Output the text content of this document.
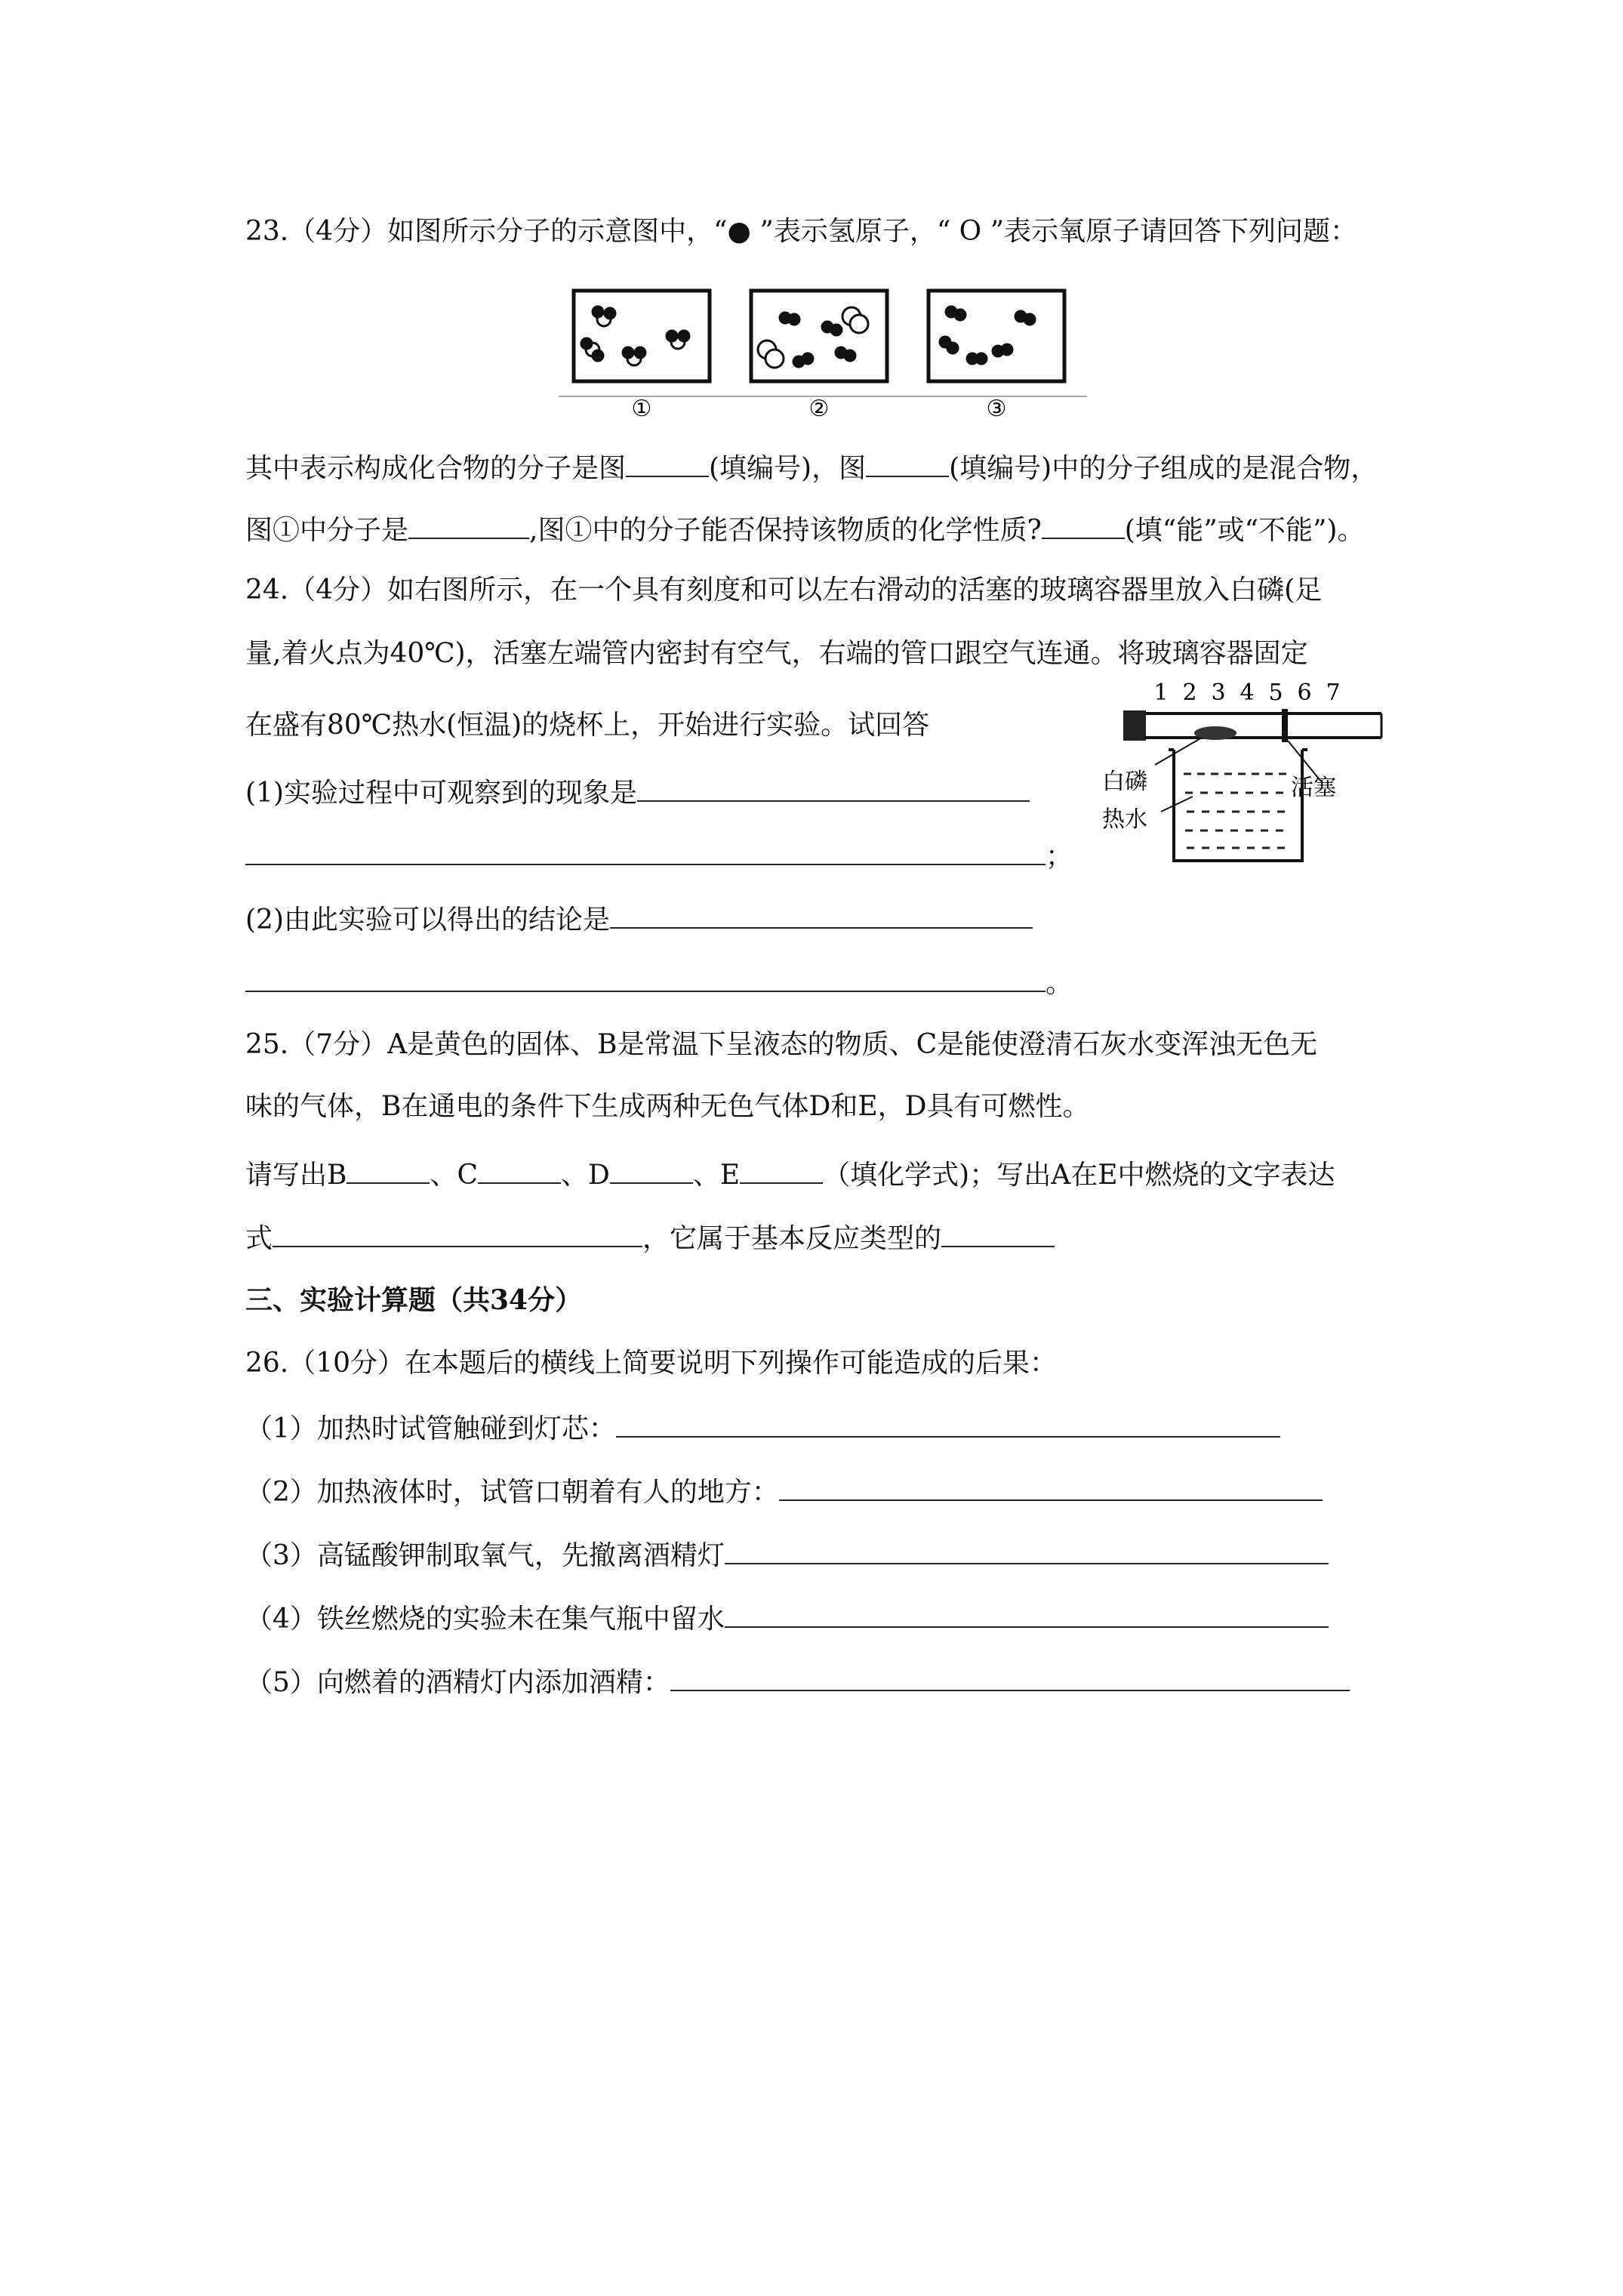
23.（4分）如图所示分子的示意图中，“● ”表示氢原子，“ O ”表示氧原子请回答下列问题：
①	②	③
其中表示构成化合物的分子是图	(填编号)，图	(填编号)中的分子组成的是混合物，
图①中分子是	,图①中的分子能否保持该物质的化学性质?	(填“能”或“不能”)。
24.（4分）如右图所示，在一个具有刻度和可以左右滑动的活塞的玻璃容器里放入白磷(足
量,着火点为40℃)，活塞左端管内密封有空气，右端的管口跟空气连通。将玻璃容器固定
在盛有80℃热水(恒温)的烧杯上，开始进行实验。试回答
(1)实验过程中可观察到的现象是
；
(2)由此实验可以得出的结论是
。
1 2 3 4 5 6 7
白磷
热水
活塞
25.（7分）A是黄色的固体、B是常温下呈液态的物质、C是能使澄清石灰水变浑浊无色无
味的气体，B在通电的条件下生成两种无色气体D和E，D具有可燃性。
请写出B	、C	、D	、E	（填化学式)；写出A在E中燃烧的文字表达
式	，它属于基本反应类型的
三、实验计算题（共34分）
26.（10分）在本题后的横线上简要说明下列操作可能造成的后果：
（1）加热时试管触碰到灯芯：
（2）加热液体时，试管口朝着有人的地方：
（3）高锰酸钾制取氧气，先撤离酒精灯
（4）铁丝燃烧的实验未在集气瓶中留水
（5）向燃着的酒精灯内添加酒精：
